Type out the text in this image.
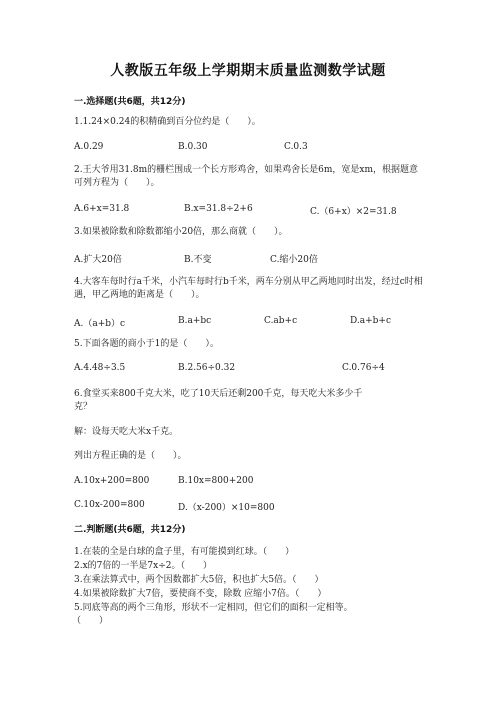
人教版五年级上学期期末质量监测数学试题
一.选择题(共6题，共12分)
1.1.24×0.24的积精确到百分位约是（　　）。
A.0.29	B.0.30	C.0.3
2.王大爷用31.8m的栅栏围成一个长方形鸡舍，如果鸡舍长是6m，宽是xm，根据题意可列方程为（　　）。
A.6+x=31.8	B.x=31.8÷2+6	C.（6+x）×2=31.8
3.如果被除数和除数都缩小20倍，那么商就（　　）。
A.扩大20倍	B.不变	C.缩小20倍
4.大客车每时行a千米，小汽车每时行b千米，两车分别从甲乙两地同时出发，经过c时相遇，甲乙两地的距离是（　　）。
A.（a+b）c	B.a+bc	C.ab+c	D.a+b+c
5.下面各题的商小于1的是（　　）。
A.4.48÷3.5	B.2.56÷0.32	C.0.76÷4
6.食堂买来800千克大米，吃了10天后还剩200千克，每天吃大米多少千克？
解：设每天吃大米x千克。
列出方程正确的是（　　）。
A.10x+200=800	B.10x=800+200
C.10x-200=800	D.（x-200）×10=800
二.判断题(共6题，共12分)
1.在装的全是白球的盒子里，有可能摸到红球。（　　）
2.x的7倍的一半是7x÷2。（　　）
3.在乘法算式中，两个因数都扩大5倍，积也扩大5倍。（　　）
4.如果被除数扩大7倍，要使商不变，除数 应缩小7倍。（　　）
5.同底等高的两个三角形，形状不一定相同，但它们的面积一定相等。
（　　）
